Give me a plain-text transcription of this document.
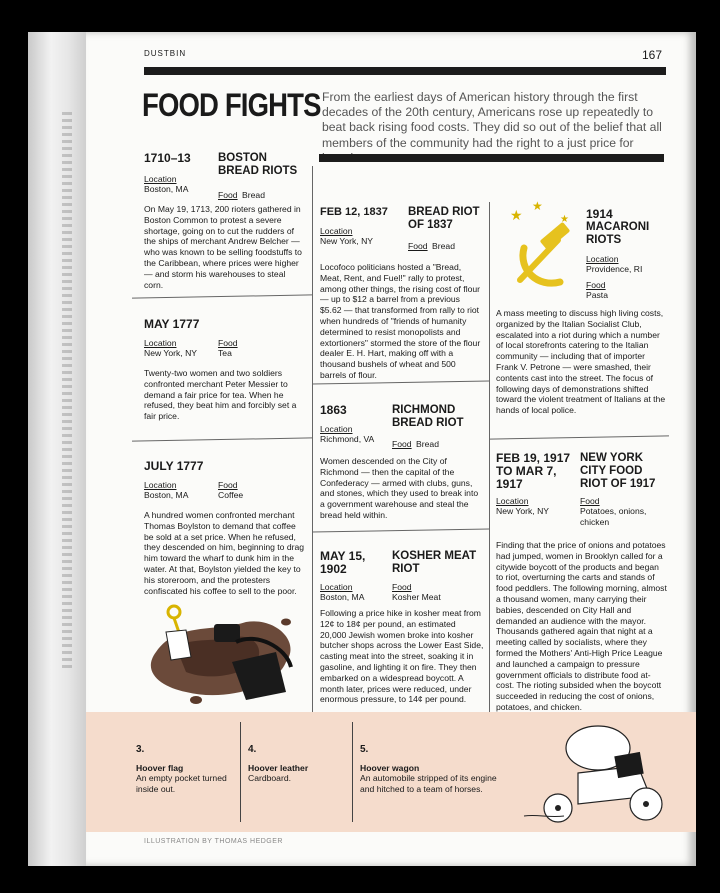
DUSTBIN	167
FOOD FIGHTS From the earliest days of American history through the first decades of the 20th century, Americans rose up repeatedly to beat back rising food costs. They did so out of the belief that all members of the community had the right to a just price for
1710–13 BOSTON BREAD RIOTS
Location
Boston, MA
Food Bread
On May 19, 1713, 200 rioters gathered in Boston Common to protest a severe shortage, going on to cut the rudders of the ships of merchant Andrew Belcher — who was known to be selling foodstuffs to the Caribbean, where prices were higher — and storm his warehouses to steal corn.
MAY 1777
Location
New York, NY
Food
Tea
Twenty-two women and two soldiers confronted merchant Peter Messier to demand a fair price for tea. When he refused, they beat him and forcibly set a fair price.
JULY 1777
Location
Boston, MA
Food
Coffee
A hundred women confronted merchant Thomas Boylston to demand that coffee be sold at a set price. When he refused, they descended on him, beginning to drag him toward the wharf to dunk him in the water. At that, Boylston yielded the key to his storeroom, and the protesters confiscated his coffee to sell to the poor.
FEB 12, 1837 BREAD RIOT OF 1837
Location
New York, NY	Food Bread
Locofoco politicians hosted a "Bread, Meat, Rent, and Fuel!" rally to protest, among other things, the rising cost of flour — up to $12 a barrel from a previous $5.62 — that transformed from rally to riot when hundreds of "friends of humanity determined to resist monopolists and extortioners" stormed the store of the flour dealer E. H. Hart, making off with a thousand bushels of wheat and 500 barrels of flour.
1863	RICHMOND BREAD RIOT
Location
Richmond, VA Food Bread
Women descended on the City of Richmond — then the capital of the Confederacy — armed with clubs, guns, and stones, which they used to break into a government warehouse and steal the bread held within.
MAY 15, 1902
KOSHER MEAT RIOT
Location
Boston, MA
Food
Kosher Meat
Following a price hike in kosher meat from 12¢ to 18¢ per pound, an estimated 20,000 Jewish women broke into kosher butcher shops across the Lower East Side, casting meat into the street, soaking it in gasoline, and lighting it on fire. They then embarked on a widespread boycott. A month later, prices were reduced, under enormous pressure, to 14¢ per pound.
★
★
★ 1914
MACARONI RIOTS
Location
Providence, RI
Food
Pasta
A mass meeting to discuss high living costs, organized by the Italian Socialist Club, escalated into a riot during which a number of local storefronts catering to the Italian community — including that of importer Frank V. Petrone — were smashed, their contents cast into the street. The focus of following days of demonstrations shifted toward the violent treatment of Italians at the hands of local police.
FEB 19, 1917 TO MAR 7, 1917
NEW YORK CITY FOOD RIOT OF 1917
Location
New York, NY
Food
Potatoes, onions, chicken
Finding that the price of onions and potatoes had jumped, women in Brooklyn called for a citywide boycott of the products and began to riot, overturning the carts and stands of food peddlers. The following morning, almost a thousand women, many carrying their babies, descended on City Hall and demanded an audience with the mayor. Thousands gathered again that night at a meeting called by socialists, where they formed the Mothers' Anti-High Price League and launched a campaign to pressure government officials to distribute food at-cost. The rioting subsided when the boycott succeeded in reducing the cost of onions, potatoes, and chicken.
3.
Hoover flag
An empty pocket turned inside out.
4.
Hoover leather
Cardboard.
5.
Hoover wagon
An automobile stripped of its engine and hitched to a team of horses.
ILLUSTRATION BY THOMAS HEDGER
